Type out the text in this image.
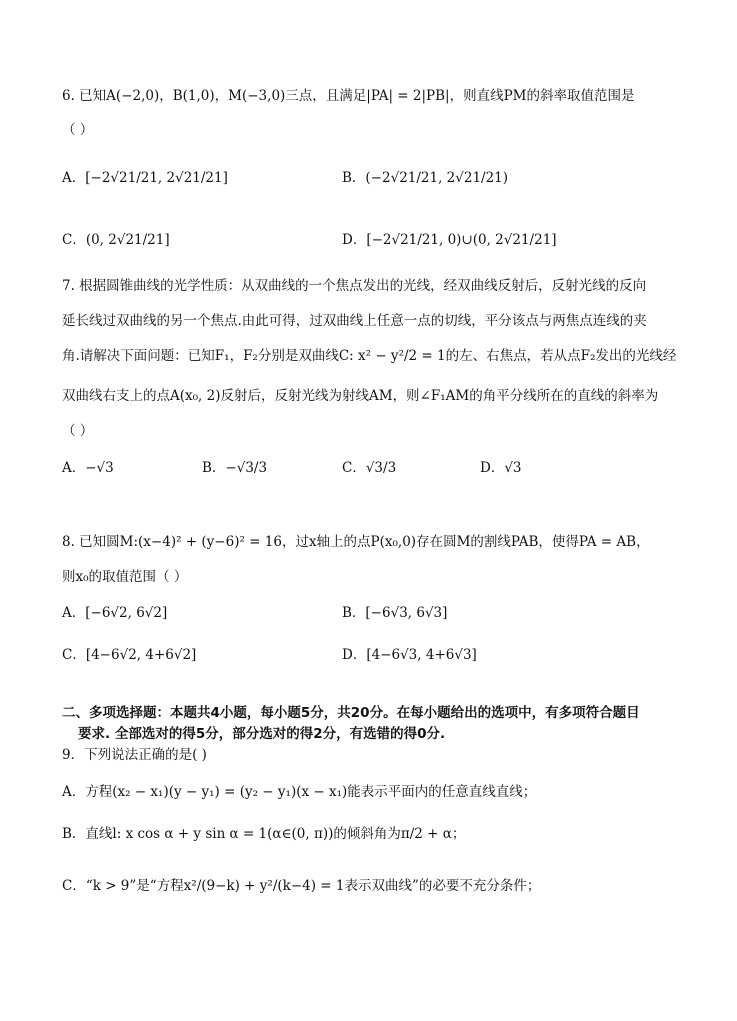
6. 已知A(−2,0)，B(1,0)，M(−3,0)三点，且满足|PA| = 2|PB|，则直线PM的斜率取值范围是
（ ）
A．[−2√21/21, 2√21/21]	B．(−2√21/21, 2√21/21)
C．(0, 2√21/21]	D．[−2√21/21, 0)∪(0, 2√21/21]
7. 根据圆锥曲线的光学性质：从双曲线的一个焦点发出的光线，经双曲线反射后，反射光线的反向
延长线过双曲线的另一个焦点.由此可得，过双曲线上任意一点的切线，平分该点与两焦点连线的夹
角.请解决下面问题：已知F₁，F₂分别是双曲线C: x² − y²/2 = 1的左、右焦点，若从点F₂发出的光线经
双曲线右支上的点A(x₀, 2)反射后，反射光线为射线AM，则∠F₁AM的角平分线所在的直线的斜率为
（ ）
A．−√3	B．−√3/3	C．√3/3	D．√3
8. 已知圆M:(x−4)² + (y−6)² = 16，过x轴上的点P(x₀,0)存在圆M的割线PAB，使得PA = AB，
则x₀的取值范围（ ）
A．[−6√2, 6√2]	B．[−6√3, 6√3]
C．[4−6√2, 4+6√2]	D．[4−6√3, 4+6√3]
二、多项选择题：本题共4小题，每小题5分，共20分。在每小题给出的选项中，有多项符合题目
要求. 全部选对的得5分，部分选对的得2分，有选错的得0分.
9．下列说法正确的是( )
A．方程(x₂ − x₁)(y − y₁) = (y₂ − y₁)(x − x₁)能表示平面内的任意直线直线；
B．直线l: x cos α + y sin α = 1(α∈(0, π))的倾斜角为π/2 + α；
C．“k > 9”是“方程x²/(9−k) + y²/(k−4) = 1表示双曲线”的必要不充分条件；
